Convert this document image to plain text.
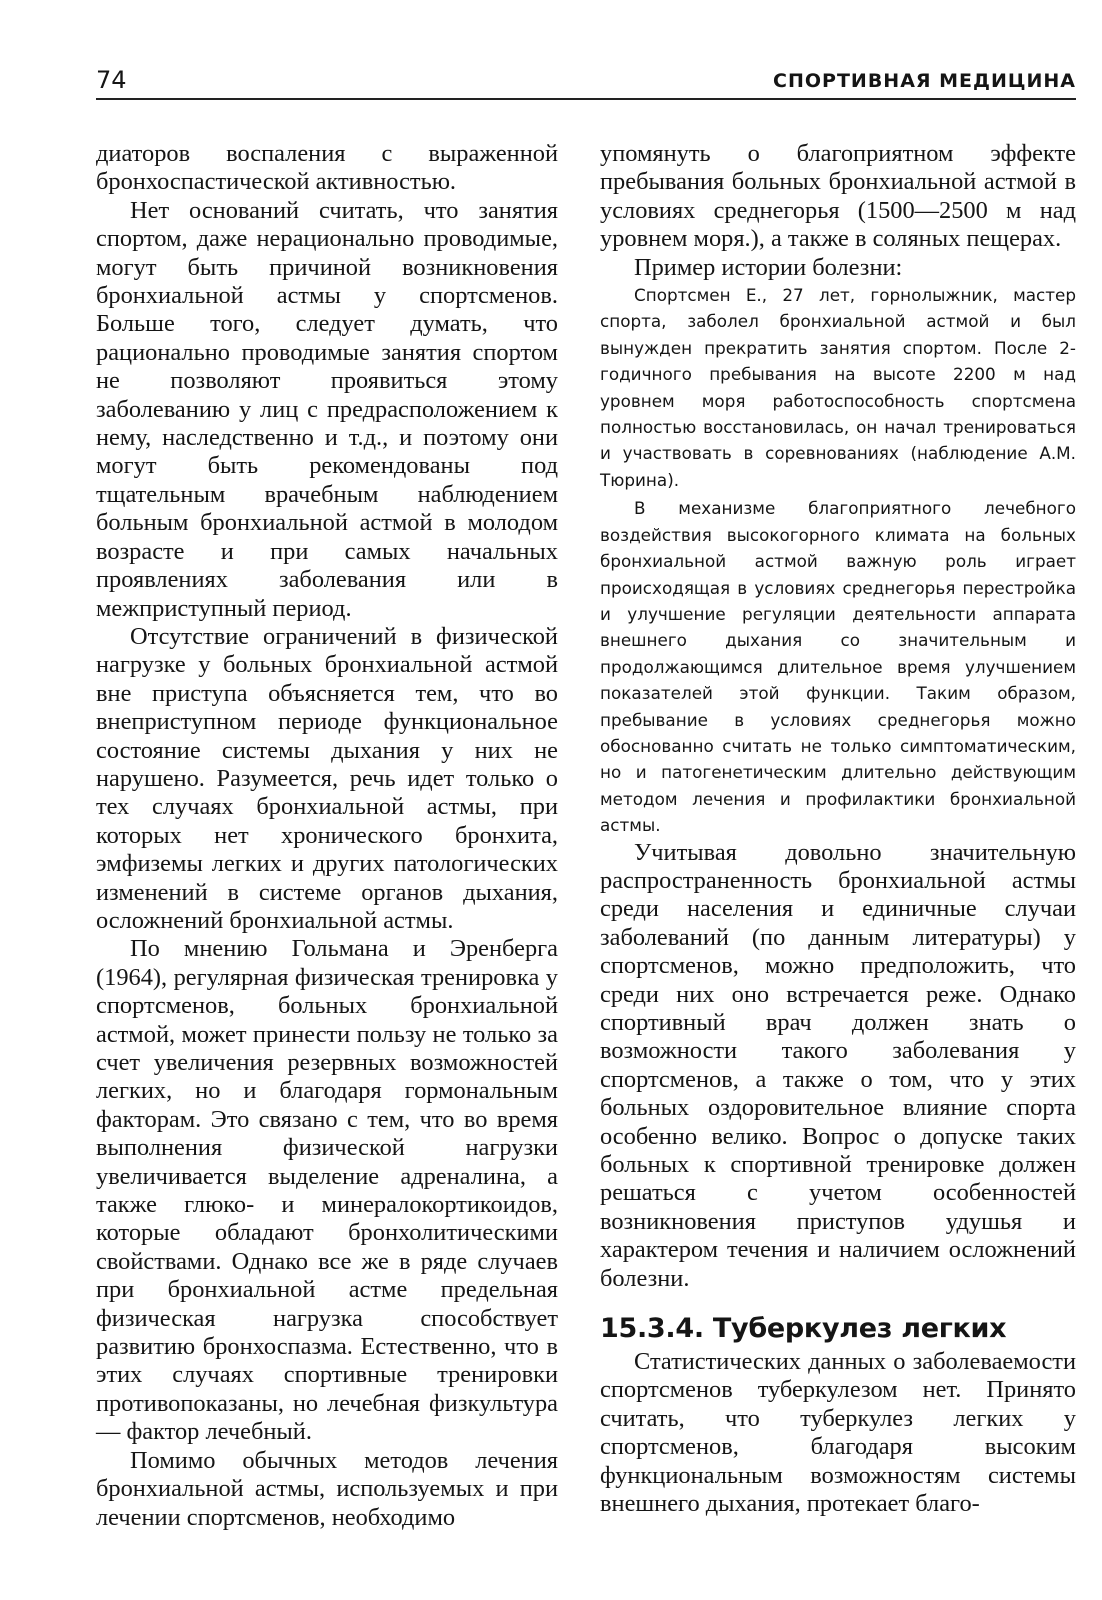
74	СПОРТИВНАЯ МЕДИЦИНА

диаторов воспаления с выраженной бронхоспастической активностью.

Нет оснований считать, что занятия спортом, даже нерационально проводимые, могут быть причиной возникновения бронхиальной астмы у спортсменов. Больше того, следует думать, что рационально проводимые занятия спортом не позволяют проявиться этому заболеванию у лиц с предрасположением к нему, наследственно и т.д., и поэтому они могут быть рекомендованы под тщательным врачебным наблюдением больным бронхиальной астмой в молодом возрасте и при самых начальных проявлениях заболевания или в межприступный период.

Отсутствие ограничений в физической нагрузке у больных бронхиальной астмой вне приступа объясняется тем, что во внеприступном периоде функциональное состояние системы дыхания у них не нарушено. Разумеется, речь идет только о тех случаях бронхиальной астмы, при которых нет хронического бронхита, эмфиземы легких и других патологических изменений в системе органов дыхания, осложнений бронхиальной астмы.

По мнению Гольмана и Эренберга (1964), регулярная физическая тренировка у спортсменов, больных бронхиальной астмой, может принести пользу не только за счет увеличения резервных возможностей легких, но и благодаря гормональным факторам. Это связано с тем, что во время выполнения физической нагрузки увеличивается выделение адреналина, а также глюко- и минералокортикоидов, которые обладают бронхолитическими свойствами. Однако все же в ряде случаев при бронхиальной астме предельная физическая нагрузка способствует развитию бронхоспазма. Естественно, что в этих случаях спортивные тренировки противопоказаны, но лечебная физкультура — фактор лечебный.

Помимо обычных методов лечения бронхиальной астмы, используемых и при лечении спортсменов, необходимо

упомянуть о благоприятном эффекте пребывания больных бронхиальной астмой в условиях среднегорья (1500—2500 м над уровнем моря.), а также в соляных пещерах.

Пример истории болезни:

Спортсмен Е., 27 лет, горнолыжник, мастер спорта, заболел бронхиальной астмой и был вынужден прекратить занятия спортом. После 2-годичного пребывания на высоте 2200 м над уровнем моря работоспособность спортсмена полностью восстановилась, он начал тренироваться и участвовать в соревнованиях (наблюдение А.М. Тюрина).

В механизме благоприятного лечебного воздействия высокогорного климата на больных бронхиальной астмой важную роль играет происходящая в условиях среднегорья перестройка и улучшение регуляции деятельности аппарата внешнего дыхания со значительным и продолжающимся длительное время улучшением показателей этой функции. Таким образом, пребывание в условиях среднегорья можно обоснованно считать не только симптоматическим, но и патогенетическим длительно действующим методом лечения и профилактики бронхиальной астмы.

Учитывая довольно значительную распространенность бронхиальной астмы среди населения и единичные случаи заболеваний (по данным литературы) у спортсменов, можно предположить, что среди них оно встречается реже. Однако спортивный врач должен знать о возможности такого заболевания у спортсменов, а также о том, что у этих больных оздоровительное влияние спорта особенно велико. Вопрос о допуске таких больных к спортивной тренировке должен решаться с учетом особенностей возникновения приступов удушья и характером течения и наличием осложнений болезни.

15.3.4. Туберкулез легких

Статистических данных о заболеваемости спортсменов туберкулезом нет. Принято считать, что туберкулез легких у спортсменов, благодаря высоким функциональным возможностям системы внешнего дыхания, протекает благо-
